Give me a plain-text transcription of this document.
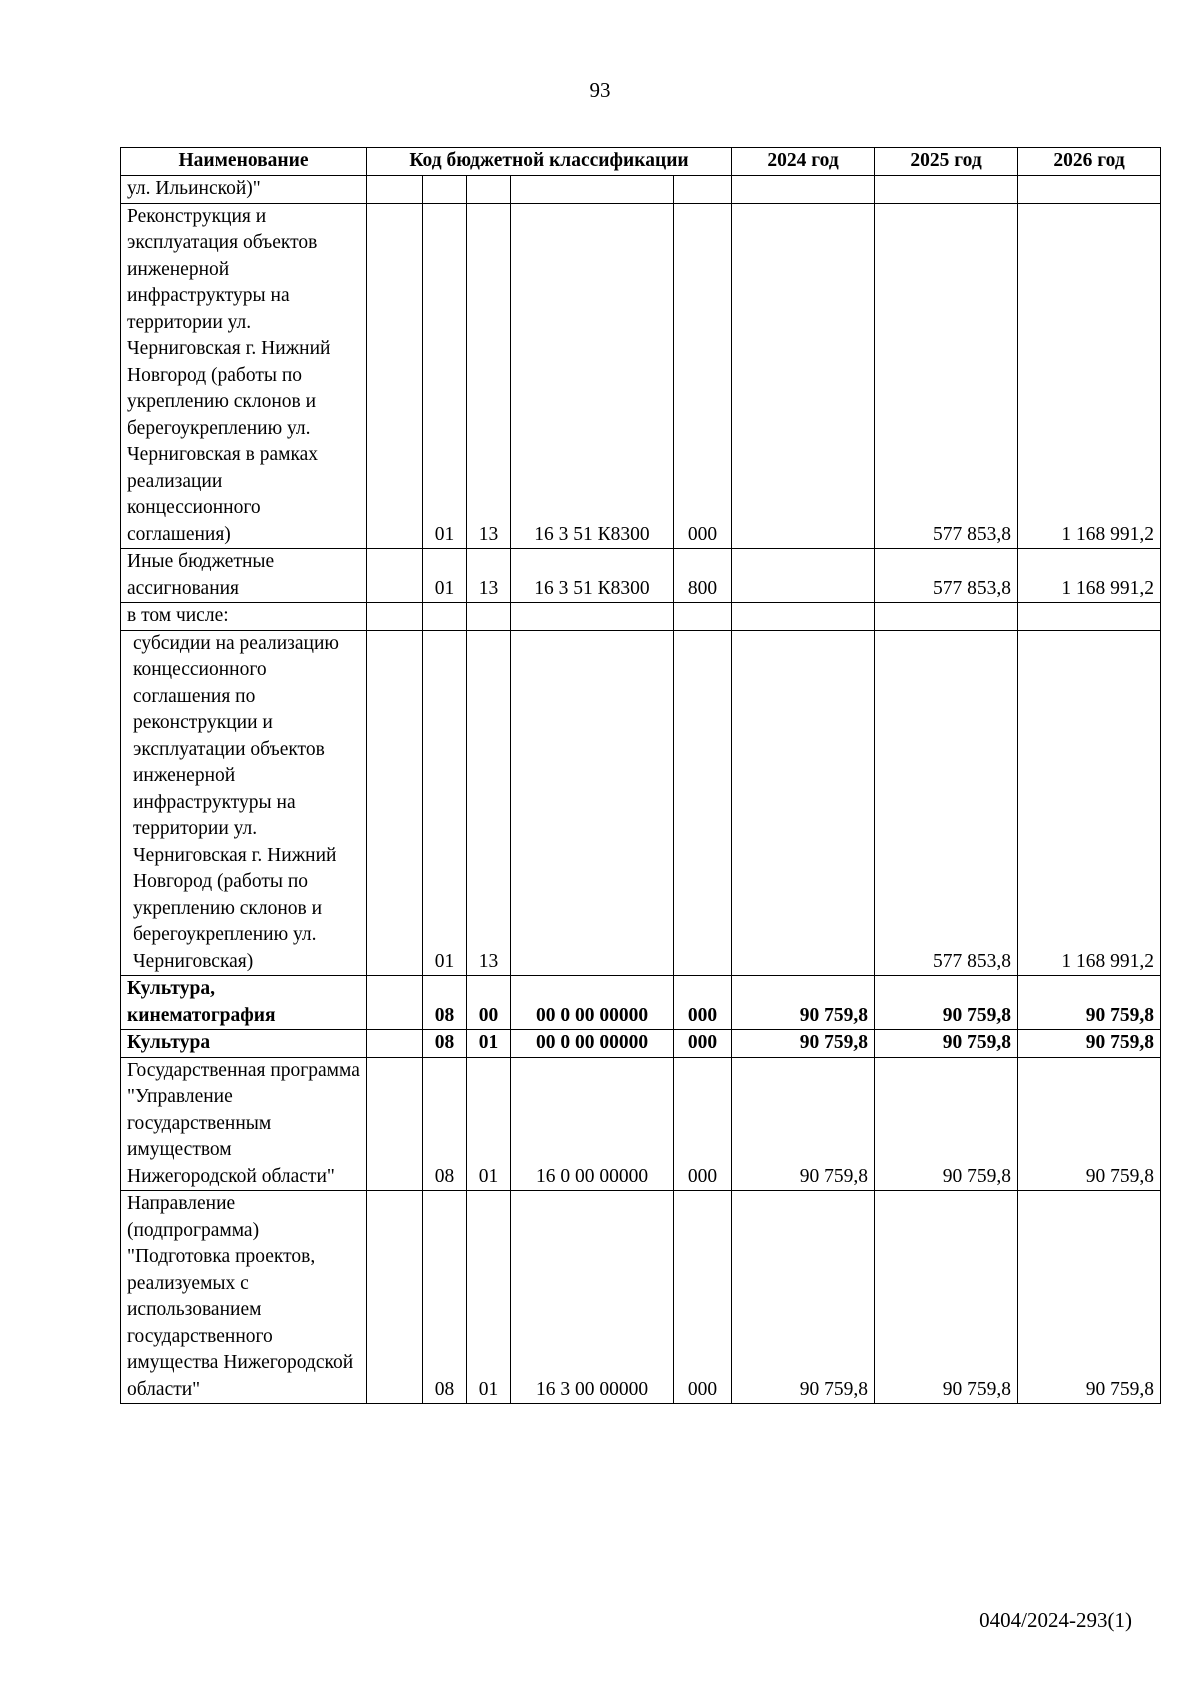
93
Наименование	Код бюджетной классификации					2024 год	2025 год	2026 год
ул. Ильинской)"								
Реконструкция и эксплуатация объектов инженерной инфраструктуры на территории ул. Черниговская г. Нижний Новгород (работы по укреплению склонов и берегоукреплению ул. Черниговская в рамках реализации концессионного соглашения)		01	13	16 3 51 К8300	000		577 853,8	1 168 991,2
Иные бюджетные ассигнования		01	13	16 3 51 К8300	800		577 853,8	1 168 991,2
в том числе:								
субсидии на реализацию концессионного соглашения по реконструкции и эксплуатации объектов инженерной инфраструктуры на территории ул. Черниговская г. Нижний Новгород (работы по укреплению склонов и берегоукреплению ул. Черниговская)		01	13				577 853,8	1 168 991,2
Культура, кинематография		08	00	00 0 00 00000	000	90 759,8	90 759,8	90 759,8
Культура		08	01	00 0 00 00000	000	90 759,8	90 759,8	90 759,8
Государственная программа "Управление государственным имуществом Нижегородской области"		08	01	16 0 00 00000	000	90 759,8	90 759,8	90 759,8
Направление (подпрограмма) "Подготовка проектов, реализуемых с использованием государственного имущества Нижегородской области"		08	01	16 3 00 00000	000	90 759,8	90 759,8	90 759,8
0404/2024-293(1)
